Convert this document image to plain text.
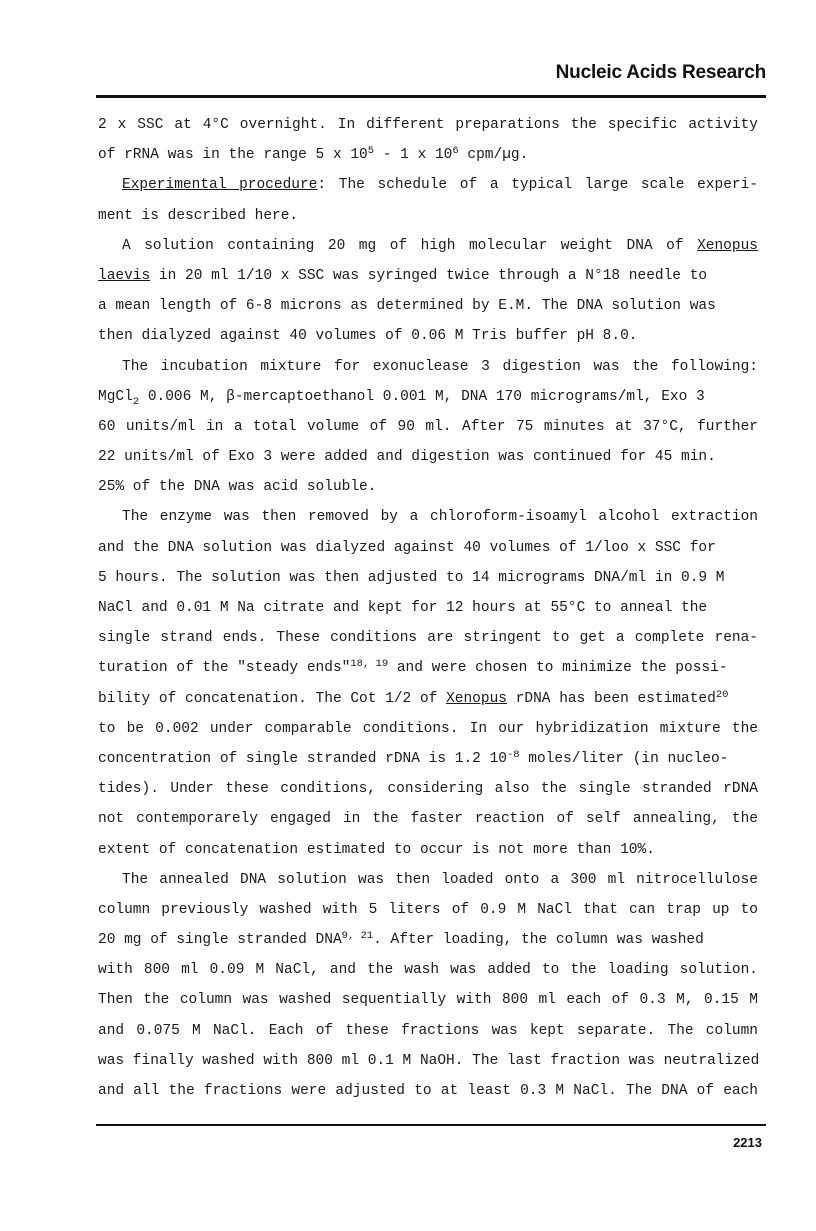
Nucleic Acids Research
2 x SSC at 4°C overnight. In different preparations the specific activity
of rRNA was in the range 5 x $10^5 - 1$ x $10^6$ cpm/µg.
Experimental procedure: The schedule of a typical large scale experi-
ment is described here.
A solution containing 20 mg of high molecular weight DNA of Xenopus
laevis in 20 ml 1/10 x SSC was syringed twice through a N°18 needle to
a mean length of 6-8 microns as determined by E.M. The DNA solution was
then dialyzed against 40 volumes of 0.06 M Tris buffer pH 8.0.
The incubation mixture for exonuclease 3 digestion was the following:
MgCl$_2$ 0.006 M, β-mercaptoethanol 0.001 M, DNA 170 micrograms/ml, Exo 3
60 units/ml in a total volume of 90 ml. After 75 minutes at 37°C, further
22 units/ml of Exo 3 were added and digestion was continued for 45 min.
25% of the DNA was acid soluble.
The enzyme was then removed by a chloroform-isoamyl alcohol extraction
and the DNA solution was dialyzed against 40 volumes of 1/loo x SSC for
5 hours. The solution was then adjusted to 14 micrograms DNA/ml in 0.9 M
NaCl and 0.01 M Na citrate and kept for 12 hours at 55°C to anneal the
single strand ends. These conditions are stringent to get a complete rena-
turation of the "steady ends"$^{18, 19}$ and were chosen to minimize the possi-
bility of concatenation. The Cot 1/2 of Xenopus rDNA has been estimated$^{20}$
to be 0.002 under comparable conditions. In our hybridization mixture the
concentration of single stranded rDNA is 1.2 $10^{-8}$ moles/liter (in nucleo-
tides). Under these conditions, considering also the single stranded rDNA
not contemporarely engaged in the faster reaction of self annealing, the
extent of concatenation estimated to occur is not more than 10%.
The annealed DNA solution was then loaded onto a 300 ml nitrocellulose
column previously washed with 5 liters of 0.9 M NaCl that can trap up to
20 mg of single stranded DNA$^{9, 21}$. After loading, the column was washed
with 800 ml 0.09 M NaCl, and the wash was added to the loading solution.
Then the column was washed sequentially with 800 ml each of 0.3 M, 0.15 M
and 0.075 M NaCl. Each of these fractions was kept separate. The column
was finally washed with 800 ml 0.1 M NaOH. The last fraction was neutralized
and all the fractions were adjusted to at least 0.3 M NaCl. The DNA of each
2213
